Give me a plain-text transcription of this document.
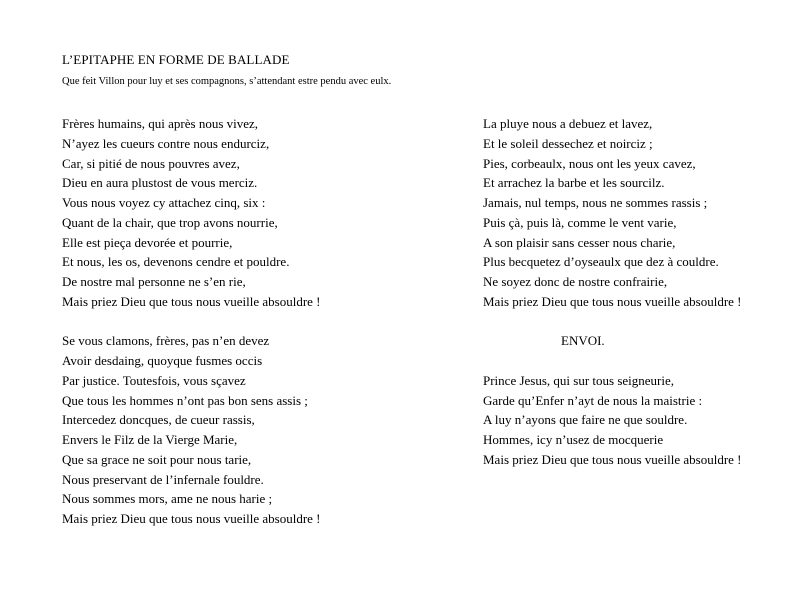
L’EPITAPHE EN FORME DE BALLADE
Que feit Villon pour luy et ses compagnons, s’attendant estre pendu avec eulx.
Frères humains, qui après nous vivez,
N’ayez les cueurs contre nous endurciz,
Car, si pitié de nous pouvres avez,
Dieu en aura plustost de vous merciz.
Vous nous voyez cy attachez cinq, six :
Quant de la chair, que trop avons nourrie,
Elle est pieça devorée et pourrie,
Et nous, les os, devenons cendre et pouldre.
De nostre mal personne ne s’en rie,
Mais priez Dieu que tous nous vueille absouldre !
Se vous clamons, frères, pas n’en devez
Avoir desdaing, quoyque fusmes occis
Par justice. Toutesfois, vous sçavez
Que tous les hommes n’ont pas bon sens assis ;
Intercedez doncques, de cueur rassis,
Envers le Filz de la Vierge Marie,
Que sa grace ne soit pour nous tarie,
Nous preservant de l’infernale fouldre.
Nous sommes mors, ame ne nous harie ;
Mais priez Dieu que tous nous vueille absouldre !
La pluye nous a debuez et lavez,
Et le soleil dessechez et noirciz ;
Pies, corbeaulx, nous ont les yeux cavez,
Et arrachez la barbe et les sourcilz.
Jamais, nul temps, nous ne sommes rassis ;
Puis çà, puis là, comme le vent varie,
A son plaisir sans cesser nous charie,
Plus becquetez d’oyseaulx que dez à couldre.
Ne soyez donc de nostre confrairie,
Mais priez Dieu que tous nous vueille absouldre !
ENVOI.
Prince Jesus, qui sur tous seigneurie,
Garde qu’Enfer n’ayt de nous la maistrie :
A luy n’ayons que faire ne que souldre.
Hommes, icy n’usez de mocquerie
Mais priez Dieu que tous nous vueille absouldre !
